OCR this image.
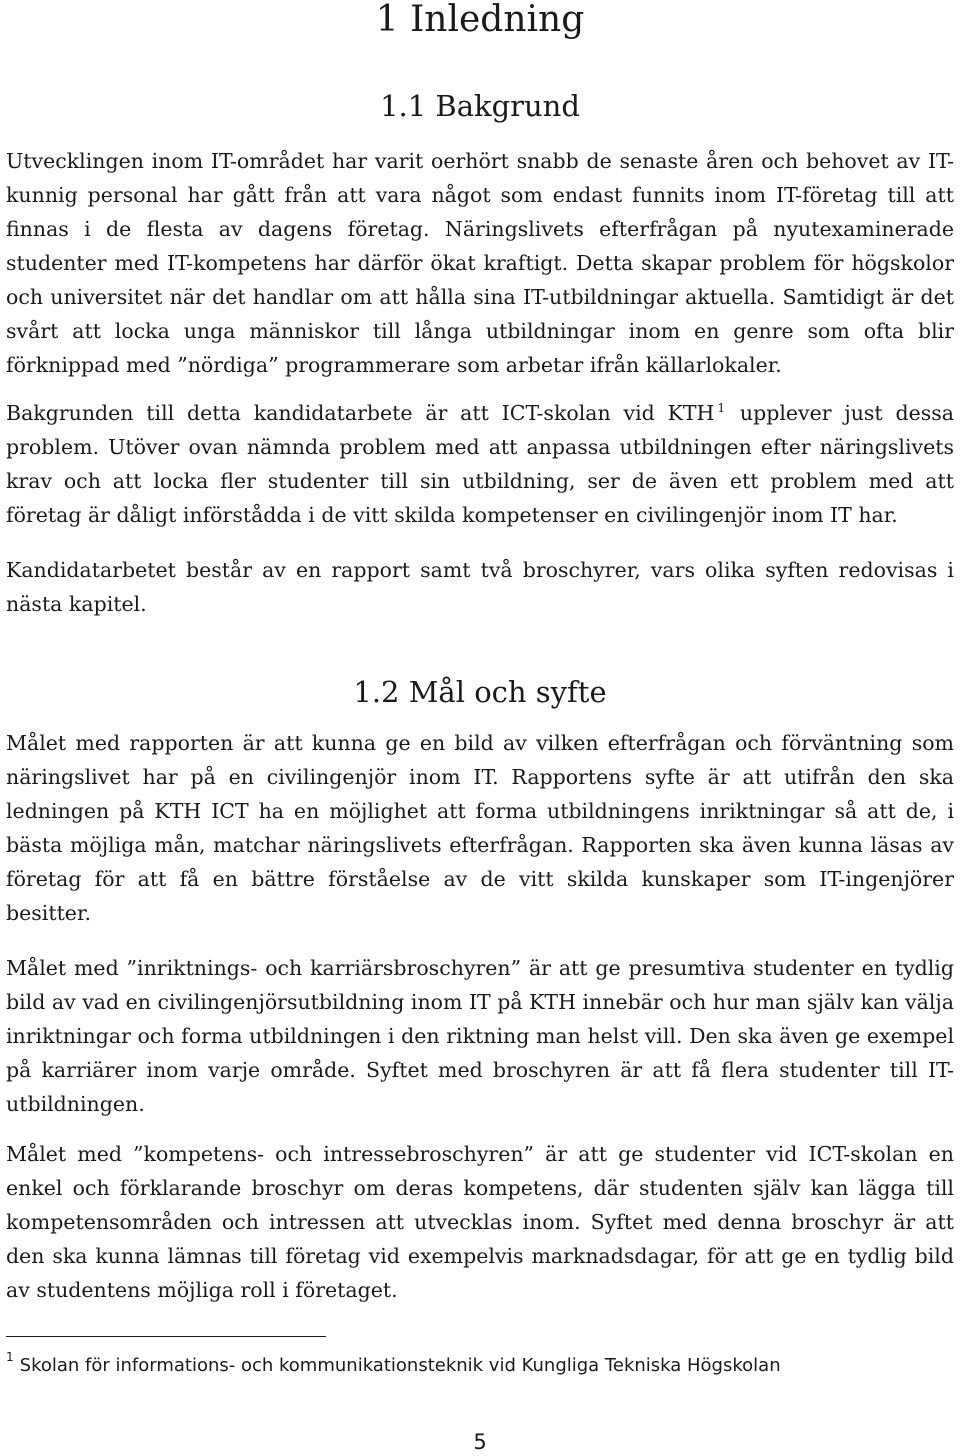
1 Inledning
1.1 Bakgrund

Utvecklingen inom IT-området har varit oerhört snabb de senaste åren och behovet av IT-kunnig personal har gått från att vara något som endast funnits inom IT-företag till att finnas i de flesta av dagens företag. Näringslivets efterfrågan på nyutexaminerade studenter med IT-kompetens har därför ökat kraftigt. Detta skapar problem för högskolor och universitet när det handlar om att hålla sina IT-utbildningar aktuella. Samtidigt är det svårt att locka unga människor till långa utbildningar inom en genre som ofta blir förknippad med ”nördiga” programmerare som arbetar ifrån källarlokaler.

Bakgrunden till detta kandidatarbete är att ICT-skolan vid KTH $^1$ upplever just dessa problem. Utöver ovan nämnda problem med att anpassa utbildningen efter näringslivets krav och att locka fler studenter till sin utbildning, ser de även ett problem med att företag är dåligt införstådda i de vitt skilda kompetenser en civilingenjör inom IT har.

Kandidatarbetet består av en rapport samt två broschyrer, vars olika syften redovisas i nästa kapitel.

1.2 Mål och syfte

Målet med rapporten är att kunna ge en bild av vilken efterfrågan och förväntning som näringslivet har på en civilingenjör inom IT. Rapportens syfte är att utifrån den ska ledningen på KTH ICT ha en möjlighet att forma utbildningens inriktningar så att de, i bästa möjliga mån, matchar näringslivets efterfrågan. Rapporten ska även kunna läsas av företag för att få en bättre förståelse av de vitt skilda kunskaper som IT-ingenjörer besitter.

Målet med ”inriktnings- och karriärsbroschyren” är att ge presumtiva studenter en tydlig bild av vad en civilingenjörsutbildning inom IT på KTH innebär och hur man själv kan välja inriktningar och forma utbildningen i den riktning man helst vill. Den ska även ge exempel på karriärer inom varje område. Syftet med broschyren är att få flera studenter till IT-utbildningen.

Målet med ”kompetens- och intressebroschyren” är att ge studenter vid ICT-skolan en enkel och förklarande broschyr om deras kompetens, där studenten själv kan lägga till kompetensområden och intressen att utvecklas inom. Syftet med denna broschyr är att den ska kunna lämnas till företag vid exempelvis marknadsdagar, för att ge en tydlig bild av studentens möjliga roll i företaget.

$^1$ Skolan för informations- och kommunikationsteknik vid Kungliga Tekniska Högskolan

5
